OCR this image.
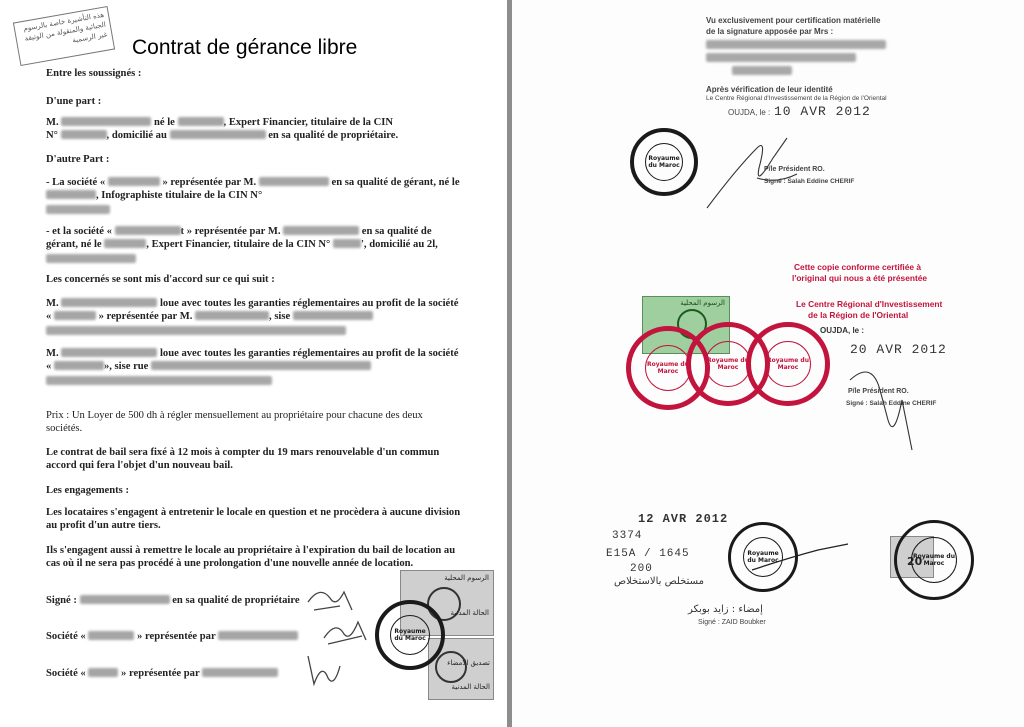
هذه التأشيرة خاصة بالرسوم الجبائية والمنقولة من الوثيقة غير الرسمية	Contrat de gérance libre
Entre les soussignés :
D'une part :
M.	né le	, Expert Financier, titulaire de la CIN
N°	, domicilié au	en sa qualité de propriétaire.
D'autre Part :
- La société «	» représentée par M.	en sa qualité de gérant, né le
, Infographiste titulaire de la CIN N°
- et la société «	t » représentée par M.	en sa qualité de
gérant, né le	, Expert Financier, titulaire de la CIN N°	', domicilié au 2l,
Les concernés se sont mis d'accord sur ce qui suit :
M.	loue avec toutes les garanties réglementaires au profit de la société
«	» représentée par M.	, sise
M.	loue avec toutes les garanties réglementaires au profit de la société
«	», sise rue
Prix : Un Loyer de 500 dh à régler mensuellement au propriétaire pour chacune des deux
sociétés.
Le contrat de bail sera fixé à 12 mois à compter du 19 mars renouvelable d'un commun
accord qui fera l'objet d'un nouveau bail.
Les engagements :
Les locataires s'engagent à entretenir le locale en question et ne procèdera à aucune division
au profit d'un autre tiers.
Ils s'engagent aussi à remettre le locale au propriétaire à l'expiration du bail de location au
cas où il ne sera pas procédé à une prolongation d'une nouvelle année de location.
Signé :	en sa qualité de propriétaire
Société «	» représentée par
Société «	» représentée par
الرسوم المحلية
الحالة المدنية
تصديق الامضاء
الحالة المدنية
Royaume du Maroc
Vu exclusivement pour certification matérielle
de la signature apposée par Mrs :
Après vérification de leur identité
Le Centre Régional d'Investissement de la Région de l'Oriental
OUJDA, le : 10 AVR 2012
Royaume du Maroc
P/le Président RO.
Signé : Salah Eddine CHERIF
Cette copie conforme certifiée à
l'original qui nous a été présentée
Le Centre Régional d'Investissement
de la Région de l'Oriental
OUJDA, le :
20 AVR 2012
P/le Président RO.
Signé : Salah Eddine CHERIF
الرسوم المحلية
Royaume du Maroc
Royaume du Maroc
Royaume du Maroc
12 AVR 2012
3374
E15A / 1645
200
مستخلص بالاستخلاص
Royaume du Maroc
إمضاء : زايد بوبكر
Signé : ZAID Boubker
20
Royaume du Maroc
